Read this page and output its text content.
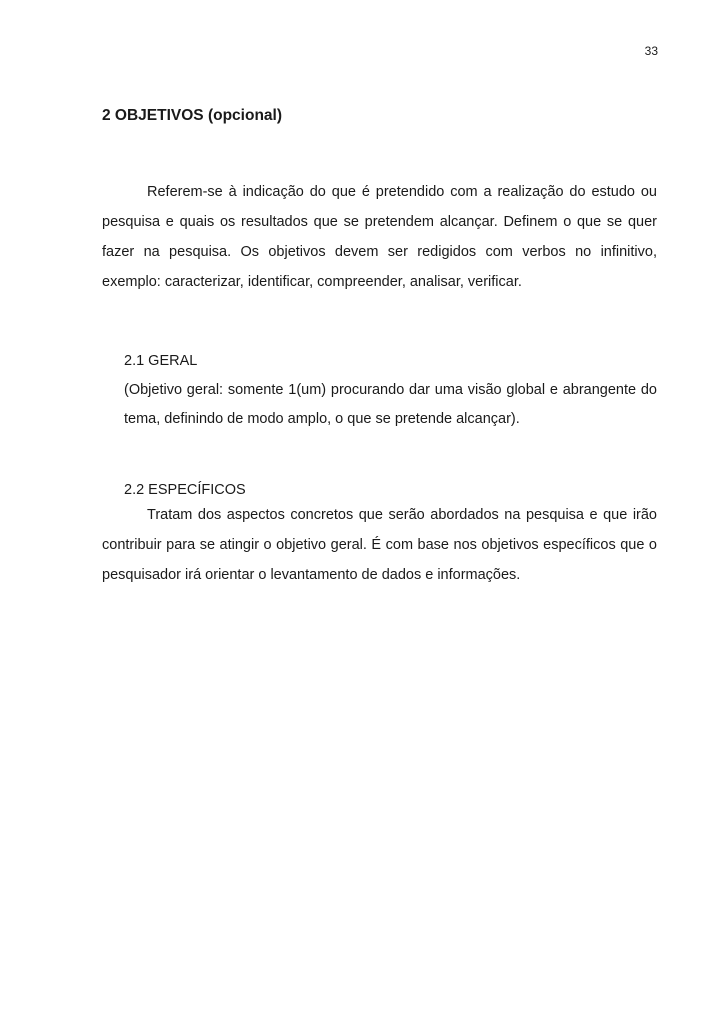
33
2 OBJETIVOS (opcional)

Referem-se à indicação do que é pretendido com a realização do estudo ou pesquisa e quais os resultados que se pretendem alcançar. Definem o que se quer fazer na pesquisa. Os objetivos devem ser redigidos com verbos no infinitivo, exemplo: caracterizar, identificar, compreender, analisar, verificar.

2.1 GERAL

(Objetivo geral: somente 1(um) procurando dar uma visão global e abrangente do tema, definindo de modo amplo, o que se pretende alcançar).

2.2 ESPECÍFICOS

Tratam dos aspectos concretos que serão abordados na pesquisa e que irão contribuir para se atingir o objetivo geral. É com base nos objetivos específicos que o pesquisador irá orientar o levantamento de dados e informações.
